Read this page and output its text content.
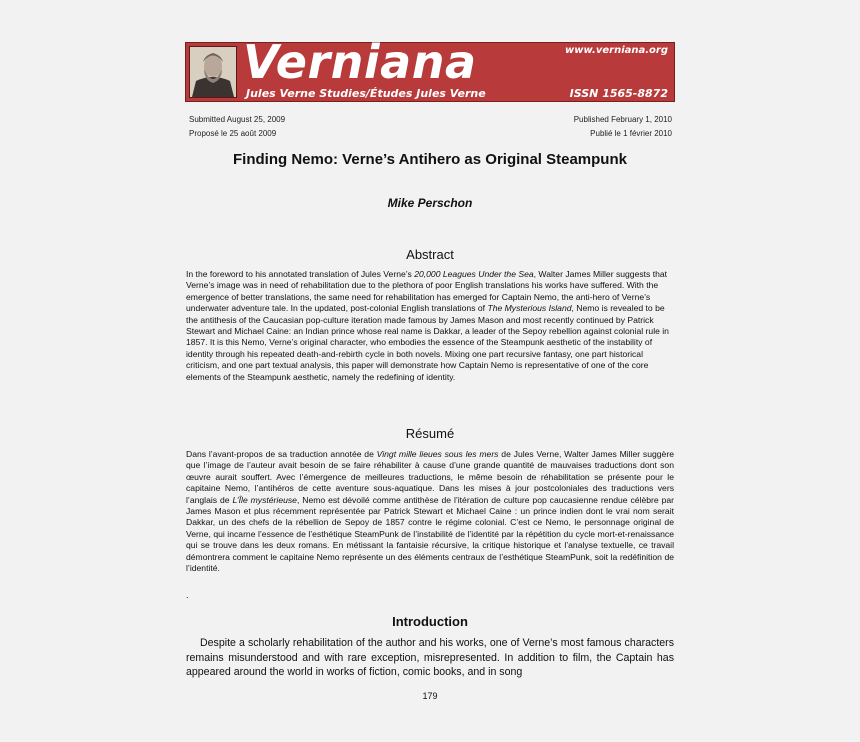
Verniana
Jules Verne Studies/Études Jules Verne
www.verniana.org
ISSN 1565-8872
Submitted August 25, 2009
Proposé le 25 août 2009
Published February 1, 2010
Publié le 1 février 2010
Finding Nemo: Verne’s Antihero as Original Steampunk
Mike Perschon
Abstract
In the foreword to his annotated translation of Jules Verne’s 20,000 Leagues Under the Sea, Walter James Miller suggests that Verne’s image was in need of rehabilitation due to the plethora of poor English translations his works have suffered. With the emergence of better translations, the same need for rehabilitation has emerged for Captain Nemo, the anti-hero of Verne’s underwater adventure tale. In the updated, post-colonial English translations of The Mysterious Island, Nemo is revealed to be the antithesis of the Caucasian pop-culture iteration made famous by James Mason and most recently continued by Patrick Stewart and Michael Caine: an Indian prince whose real name is Dakkar, a leader of the Sepoy rebellion against colonial rule in 1857. It is this Nemo, Verne’s original character, who embodies the essence of the Steampunk aesthetic of the instability of identity through his repeated death-and-rebirth cycle in both novels. Mixing one part recursive fantasy, one part historical criticism, and one part textual analysis, this paper will demonstrate how Captain Nemo is representative of one of the core elements of the Steampunk aesthetic, namely the redefining of identity.
Résumé
Dans l’avant-propos de sa traduction annotée de Vingt mille lieues sous les mers de Jules Verne, Walter James Miller suggère que l’image de l’auteur avait besoin de se faire réhabiliter à cause d’une grande quantité de mauvaises traductions dont son œuvre aurait souffert. Avec l’émergence de meilleures traductions, le même besoin de réhabilitation se présente pour le capitaine Nemo, l’antihéros de cette aventure sous-aquatique. Dans les mises à jour postcoloniales des traductions vers l’anglais de L’Île mystérieuse, Nemo est dévoilé comme antithèse de l’itération de culture pop caucasienne rendue célèbre par James Mason et plus récemment représentée par Patrick Stewart et Michael Caine : un prince indien dont le vrai nom serait Dakkar, un des chefs de la rébellion de Sepoy de 1857 contre le régime colonial. C’est ce Nemo, le personnage original de Verne, qui incarne l’essence de l’esthétique SteamPunk de l’instabilité de l’identité par la répétition du cycle mort-et-renaissance qui se trouve dans les deux romans. En métissant la fantaisie récursive, la critique historique et l’analyse textuelle, ce travail démontrera comment le capitaine Nemo représente un des éléments centraux de l’esthétique SteamPunk, soit la redéfinition de l’identité.
.
Introduction
Despite a scholarly rehabilitation of the author and his works, one of Verne’s most famous characters remains misunderstood and with rare exception, misrepresented. In addition to film, the Captain has appeared around the world in works of fiction, comic books, and in song
179
